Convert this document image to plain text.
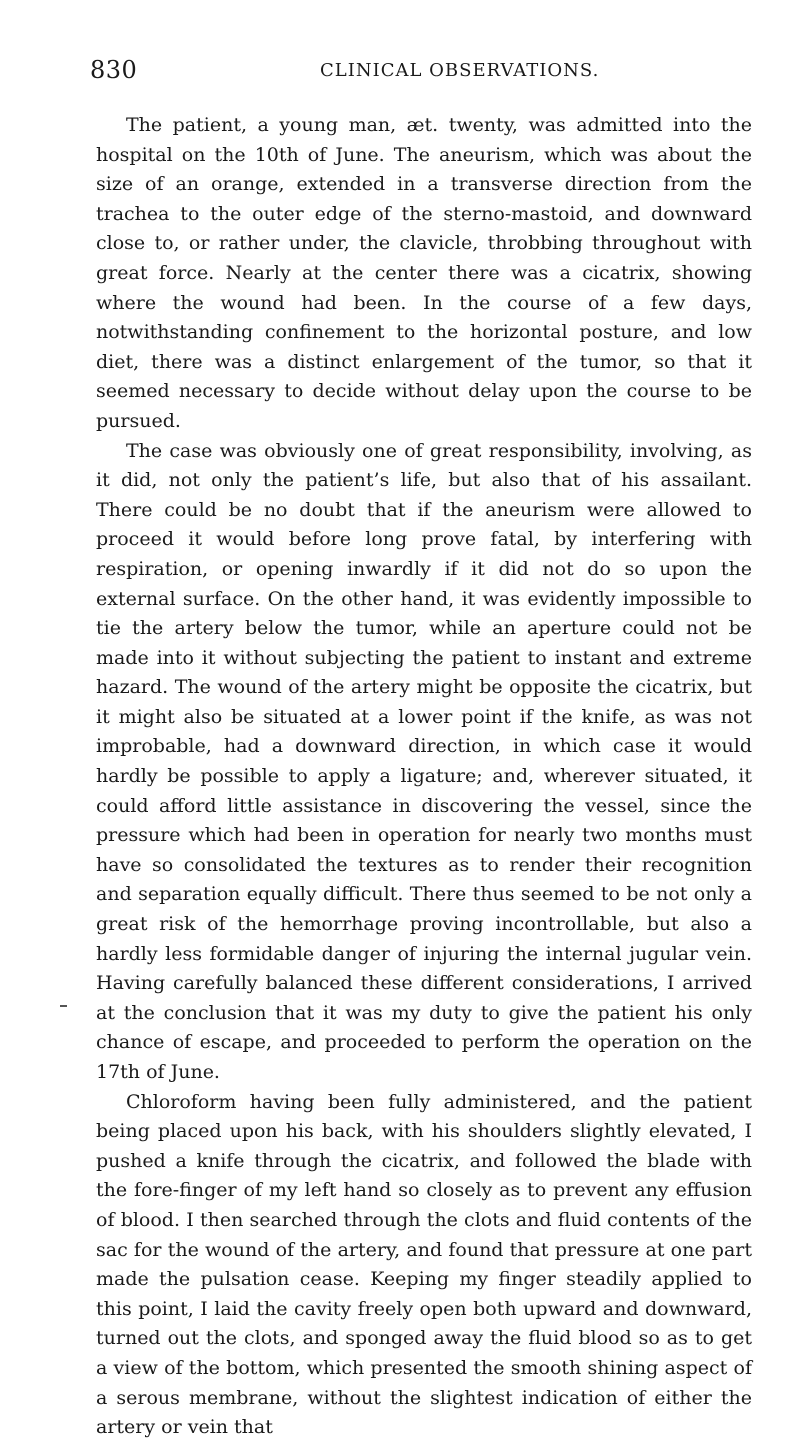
830	CLINICAL OBSERVATIONS.

The patient, a young man, æt. twenty, was admitted into the hospital on the 10th of June. The aneurism, which was about the size of an orange, extended in a transverse direction from the trachea to the outer edge of the sterno-mastoid, and downward close to, or rather under, the clavicle, throbbing throughout with great force. Nearly at the center there was a cicatrix, showing where the wound had been. In the course of a few days, notwithstanding confinement to the horizontal posture, and low diet, there was a distinct enlargement of the tumor, so that it seemed necessary to decide without delay upon the course to be pursued.

The case was obviously one of great responsibility, involving, as it did, not only the patient’s life, but also that of his assailant. There could be no doubt that if the aneurism were allowed to proceed it would before long prove fatal, by interfering with respiration, or opening inwardly if it did not do so upon the external surface. On the other hand, it was evidently impossible to tie the artery below the tumor, while an aperture could not be made into it without subjecting the patient to instant and extreme hazard. The wound of the artery might be opposite the cicatrix, but it might also be situated at a lower point if the knife, as was not improbable, had a downward direction, in which case it would hardly be possible to apply a ligature; and, wherever situated, it could afford little assistance in discovering the vessel, since the pressure which had been in operation for nearly two months must have so consolidated the textures as to render their recognition and separation equally difficult. There thus seemed to be not only a great risk of the hemorrhage proving incontrollable, but also a hardly less formidable danger of injuring the internal jugular vein. Having carefully balanced these different considerations, I arrived at the conclusion that it was my duty to give the patient his only chance of escape, and proceeded to perform the operation on the 17th of June.

Chloroform having been fully administered, and the patient being placed upon his back, with his shoulders slightly elevated, I pushed a knife through the cicatrix, and followed the blade with the fore-finger of my left hand so closely as to prevent any effusion of blood. I then searched through the clots and fluid contents of the sac for the wound of the artery, and found that pressure at one part made the pulsation cease. Keeping my finger steadily applied to this point, I laid the cavity freely open both upward and downward, turned out the clots, and sponged away the fluid blood so as to get a view of the bottom, which presented the smooth shining aspect of a serous membrane, without the slightest indication of either the artery or vein that
